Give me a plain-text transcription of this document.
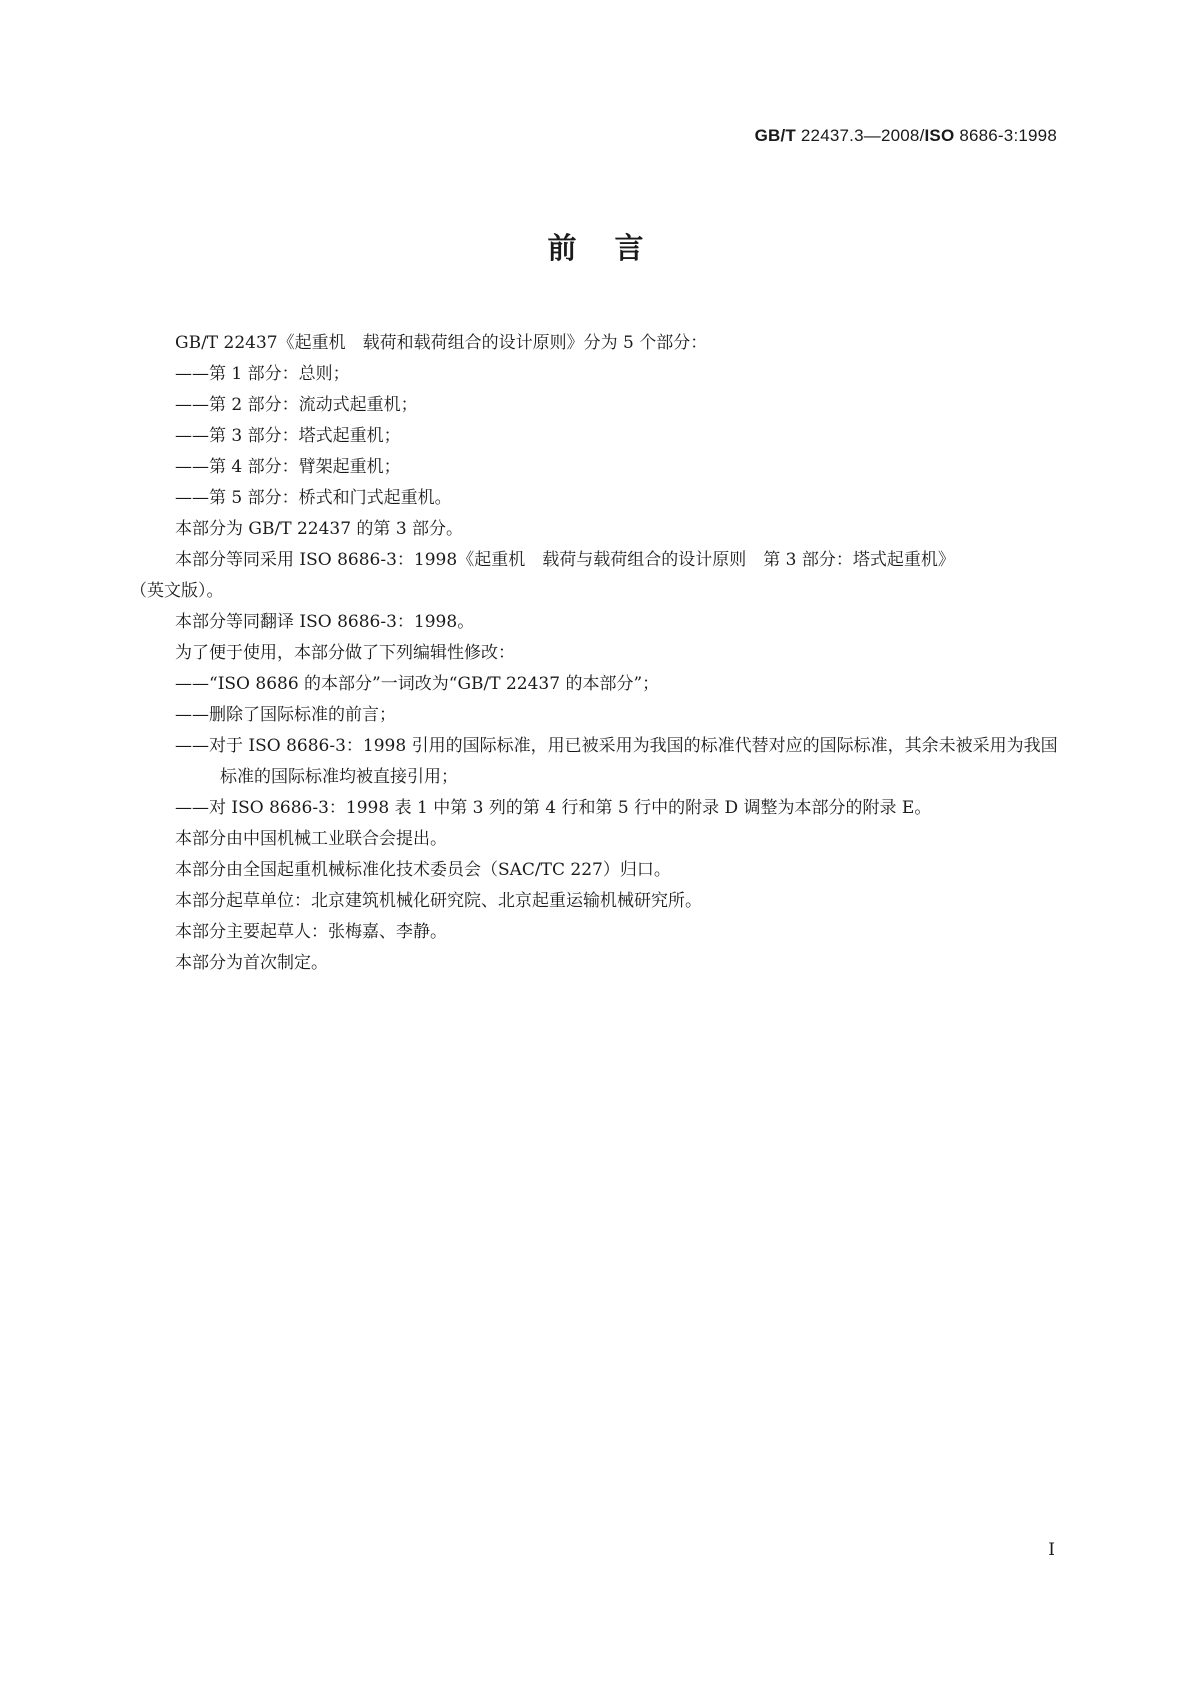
GB/T 22437.3—2008/ISO 8686-3:1998
前言

GB/T 22437《起重机　载荷和载荷组合的设计原则》分为 5 个部分：

——第 1 部分：总则；

——第 2 部分：流动式起重机；

——第 3 部分：塔式起重机；

——第 4 部分：臂架起重机；

——第 5 部分：桥式和门式起重机。

本部分为 GB/T 22437 的第 3 部分。

本部分等同采用 ISO 8686-3：1998《起重机　载荷与载荷组合的设计原则　第 3 部分：塔式起重机》

（英文版）。

本部分等同翻译 ISO 8686-3：1998。

为了便于使用，本部分做了下列编辑性修改：

——“ISO 8686 的本部分”一词改为“GB/T 22437 的本部分”；

——删除了国际标准的前言；

——对于 ISO 8686-3：1998 引用的国际标准，用已被采用为我国的标准代替对应的国际标准，其余未被采用为我国标准的国际标准均被直接引用；

——对 ISO 8686-3：1998 表 1 中第 3 列的第 4 行和第 5 行中的附录 D 调整为本部分的附录 E。

本部分由中国机械工业联合会提出。

本部分由全国起重机械标准化技术委员会（SAC/TC 227）归口。

本部分起草单位：北京建筑机械化研究院、北京起重运输机械研究所。

本部分主要起草人：张梅嘉、李静。

本部分为首次制定。

I
